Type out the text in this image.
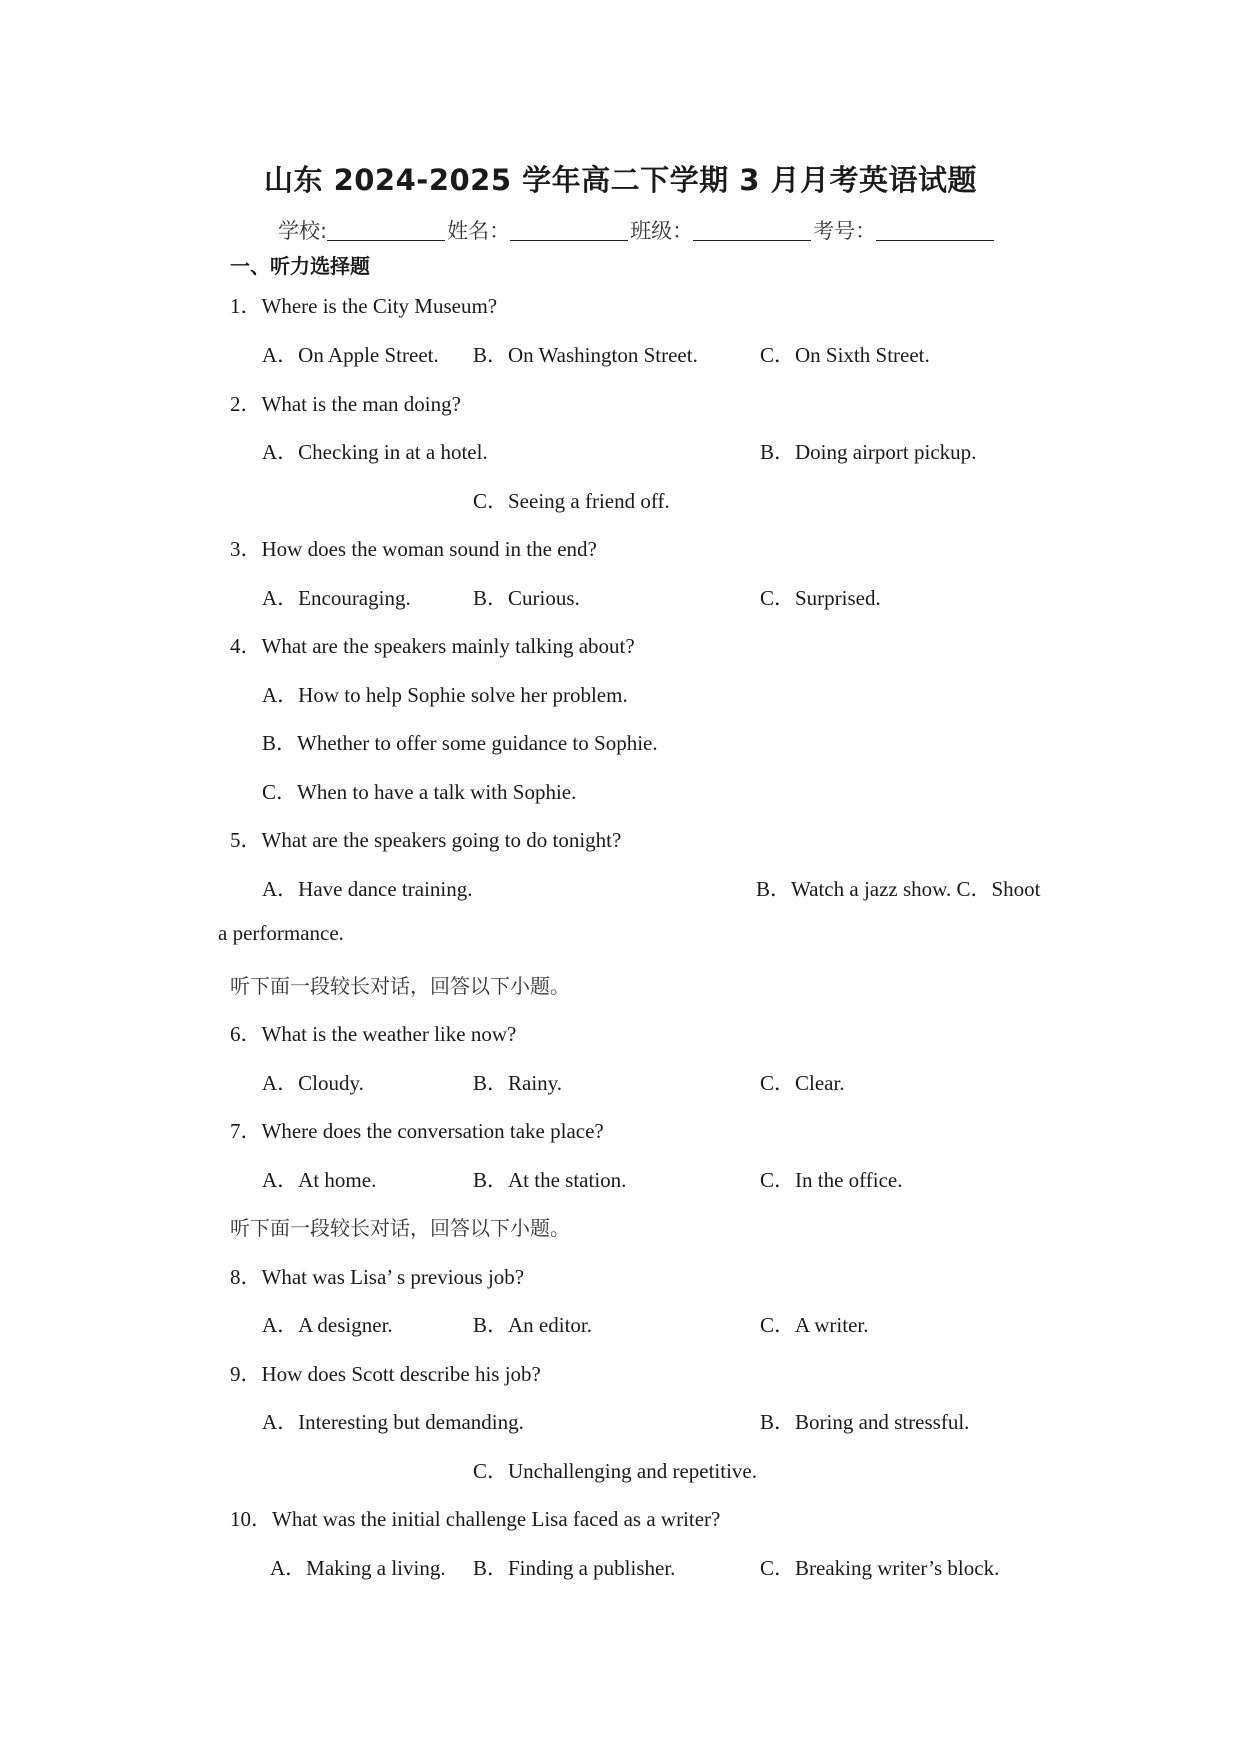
山东 2024-2025 学年高二下学期 3 月月考英语试题
学校:	姓名：	班级：	考号：
一、听力选择题
1．Where is the City Museum?
A．On Apple Street. B．On Washington Street.	C．On Sixth Street.
2．What is the man doing?
A．Checking in at a hotel.	B．Doing airport pickup.
C．Seeing a friend off.
3．How does the woman sound in the end?
A．Encouraging.	B．Curious.	C．Surprised.
4．What are the speakers mainly talking about?
A．How to help Sophie solve her problem.
B．Whether to offer some guidance to Sophie.
C．When to have a talk with Sophie.
5．What are the speakers going to do tonight?
A．Have dance training.	B．Watch a jazz show. C．Shoot
a performance.
听下面一段较长对话，回答以下小题。
6．What is the weather like now?
A．Cloudy.	B．Rainy.	C．Clear.
7．Where does the conversation take place?
A．At home.	B．At the station.	C．In the office.
听下面一段较长对话，回答以下小题。
8．What was Lisa’ s previous job?
A．A designer.	B．An editor.	C．A writer.
9．How does Scott describe his job?
A．Interesting but demanding.	B．Boring and stressful.
C．Unchallenging and repetitive.
10．What was the initial challenge Lisa faced as a writer?
A．Making a living. B．Finding a publisher.	C．Breaking writer’s block.
